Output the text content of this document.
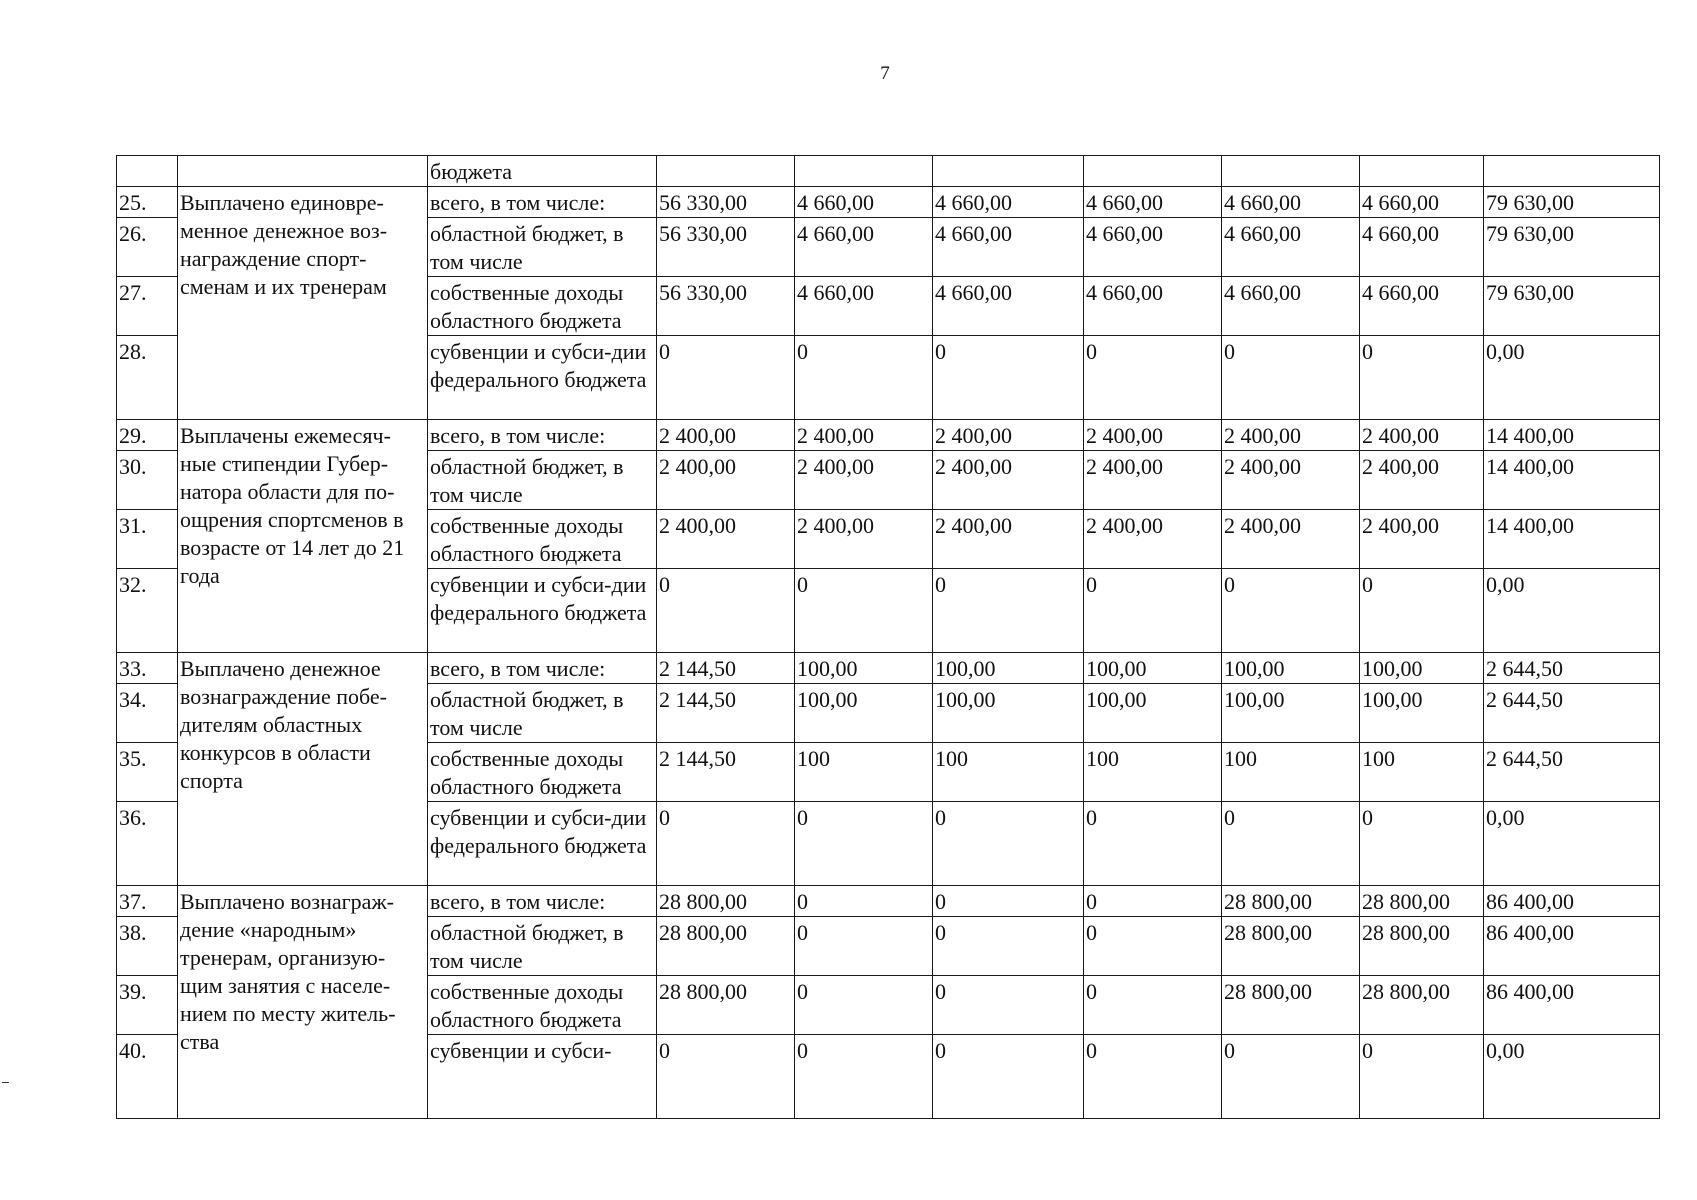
7
		бюджета							
25.	Выплачено единовре-менное денежное воз-награждение спорт-сменам и их тренерам	всего, в том числе:	56 330,00	4 660,00	4 660,00	4 660,00	4 660,00	4 660,00	79 630,00
26.		областной бюджет, в том числе	56 330,00	4 660,00	4 660,00	4 660,00	4 660,00	4 660,00	79 630,00
27.		собственные доходы областного бюджета	56 330,00	4 660,00	4 660,00	4 660,00	4 660,00	4 660,00	79 630,00
28.		субвенции и субси-дии федерального бюджета	0	0	0	0	0	0	0,00
29.	Выплачены ежемесяч-ные стипендии Губер-натора области для по-ощрения спортсменов в возрасте от 14 лет до 21 года	всего, в том числе:	2 400,00	2 400,00	2 400,00	2 400,00	2 400,00	2 400,00	14 400,00
30.		областной бюджет, в том числе	2 400,00	2 400,00	2 400,00	2 400,00	2 400,00	2 400,00	14 400,00
31.		собственные доходы областного бюджета	2 400,00	2 400,00	2 400,00	2 400,00	2 400,00	2 400,00	14 400,00
32.		субвенции и субси-дии федерального бюджета	0	0	0	0	0	0	0,00
33.	Выплачено денежное вознаграждение побе-дителям областных конкурсов в области спорта	всего, в том числе:	2 144,50	100,00	100,00	100,00	100,00	100,00	2 644,50
34.		областной бюджет, в том числе	2 144,50	100,00	100,00	100,00	100,00	100,00	2 644,50
35.		собственные доходы областного бюджета	2 144,50	100	100	100	100	100	2 644,50
36.		субвенции и субси-дии федерального бюджета	0	0	0	0	0	0	0,00
37.	Выплачено вознаграж-дение «народным» тренерам, организую-щим занятия с населе-нием по месту житель-ства	всего, в том числе:	28 800,00	0	0	0	28 800,00	28 800,00	86 400,00
38.		областной бюджет, в том числе	28 800,00	0	0	0	28 800,00	28 800,00	86 400,00
39.		собственные доходы областного бюджета	28 800,00	0	0	0	28 800,00	28 800,00	86 400,00
40.		субвенции и субси-	0	0	0	0	0	0	0,00
